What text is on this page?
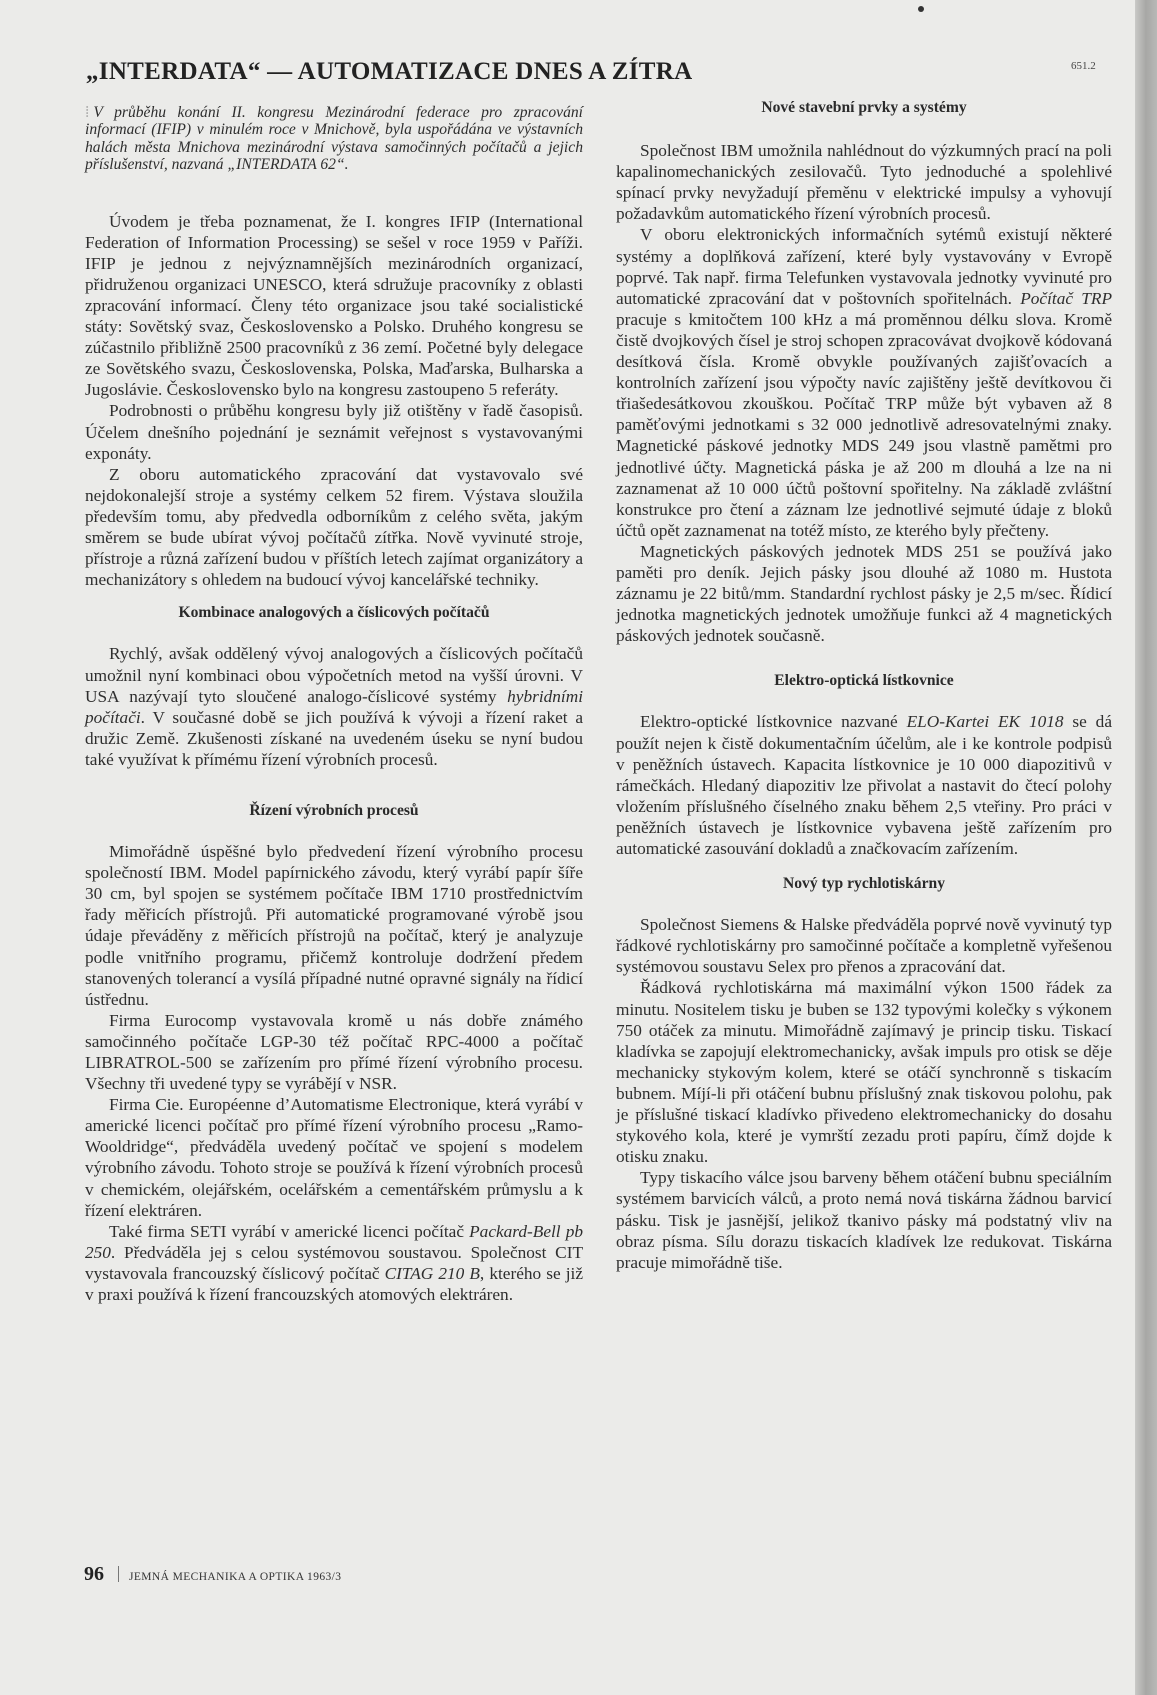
„INTERDATA“ — AUTOMATIZACE DNES A ZÍTRA	651.2
⁞ V průběhu konání II. kongresu Mezinárodní federace pro zpracování informací (IFIP) v minulém roce v Mnichově, byla uspořádána ve výstavních halách města Mnichova mezinárodní výstava samočinných počítačů a jejich příslušenství, nazvaná „INTERDATA 62“.

Úvodem je třeba poznamenat, že I. kongres IFIP (International Federation of Information Processing) se sešel v roce 1959 v Paříži. IFIP je jednou z nejvýznamnějších mezinárodních organizací, přidruženou organizaci UNESCO, která sdružuje pracovníky z oblasti zpracování informací. Členy této organizace jsou také socialistické státy: Sovětský svaz, Československo a Polsko. Druhého kongresu se zúčastnilo přibližně 2500 pracovníků z 36 zemí. Početné byly delegace ze Sovětského svazu, Československa, Polska, Maďarska, Bulharska a Jugoslávie. Československo bylo na kongresu zastoupeno 5 referáty.

Podrobnosti o průběhu kongresu byly již otištěny v řadě časopisů. Účelem dnešního pojednání je seznámit veřejnost s vystavovanými exponáty.

Z oboru automatického zpracování dat vystavovalo své nejdokonalejší stroje a systémy celkem 52 firem. Výstava sloužila především tomu, aby předvedla odborníkům z celého světa, jakým směrem se bude ubírat vývoj počítačů zítřka. Nově vyvinuté stroje, přístroje a různá zařízení budou v příštích letech zajímat organizátory a mechanizátory s ohledem na budoucí vývoj kancelářské techniky.

Kombinace analogových a číslicových počítačů

Rychlý, avšak oddělený vývoj analogových a číslicových počítačů umožnil nyní kombinaci obou výpočetních metod na vyšší úrovni. V USA nazývají tyto sloučené analogo-číslicové systémy hybridními počítači. V současné době se jich používá k vývoji a řízení raket a družic Země. Zkušenosti získané na uvedeném úseku se nyní budou také využívat k přímému řízení výrobních procesů.

Řízení výrobních procesů

Mimořádně úspěšné bylo předvedení řízení výrobního procesu společností IBM. Model papírnického závodu, který vyrábí papír šíře 30 cm, byl spojen se systémem počítače IBM 1710 prostřednictvím řady měřicích přístrojů. Při automatické programované výrobě jsou údaje převáděny z měřicích přístrojů na počítač, který je analyzuje podle vnitřního programu, přičemž kontroluje dodržení předem stanovených tolerancí a vysílá případné nutné opravné signály na řídicí ústřednu.

Firma Eurocomp vystavovala kromě u nás dobře známého samočinného počítače LGP-30 též počítač RPC-4000 a počítač LIBRATROL-500 se zařízením pro přímé řízení výrobního procesu. Všechny tři uvedené typy se vyrábějí v NSR.

Firma Cie. Européenne d’Automatisme Electronique, která vyrábí v americké licenci počítač pro přímé řízení výrobního procesu „Ramo-Wooldridge“, předváděla uvedený počítač ve spojení s modelem výrobního závodu. Tohoto stroje se používá k řízení výrobních procesů v chemickém, olejářském, ocelářském a cementářském průmyslu a k řízení elektráren.

Také firma SETI vyrábí v americké licenci počítač Packard-Bell pb 250. Předváděla jej s celou systémovou soustavou. Společnost CIT vystavovala francouzský číslicový počítač CITAG 210 B, kterého se již v praxi používá k řízení francouzských atomových elektráren.

Nové stavební prvky a systémy

Společnost IBM umožnila nahlédnout do výzkumných prací na poli kapalinomechanických zesilovačů. Tyto jednoduché a spolehlivé spínací prvky nevyžadují přeměnu v elektrické impulsy a vyhovují požadavkům automatického řízení výrobních procesů.

V oboru elektronických informačních sytémů existují některé systémy a doplňková zařízení, které byly vystavovány v Evropě poprvé. Tak např. firma Telefunken vystavovala jednotky vyvinuté pro automatické zpracování dat v poštovních spořitelnách. Počítač TRP pracuje s kmitočtem 100 kHz a má proměnnou délku slova. Kromě čistě dvojkových čísel je stroj schopen zpracovávat dvojkově kódovaná desítková čísla. Kromě obvykle používaných zajišťovacích a kontrolních zařízení jsou výpočty navíc zajištěny ještě devítkovou či třiašedesátkovou zkouškou. Počítač TRP může být vybaven až 8 paměťovými jednotkami s 32 000 jednotlivě adresovatelnými znaky. Magnetické páskové jednotky MDS 249 jsou vlastně pamětmi pro jednotlivé účty. Magnetická páska je až 200 m dlouhá a lze na ni zaznamenat až 10 000 účtů poštovní spořitelny. Na základě zvláštní konstrukce pro čtení a záznam lze jednotlivé sejmuté údaje z bloků účtů opět zaznamenat na totéž místo, ze kterého byly přečteny.

Magnetických páskových jednotek MDS 251 se používá jako paměti pro deník. Jejich pásky jsou dlouhé až 1080 m. Hustota záznamu je 22 bitů/mm. Standardní rychlost pásky je 2,5 m/sec. Řídicí jednotka magnetických jednotek umožňuje funkci až 4 magnetických páskových jednotek současně.

Elektro-optická lístkovnice

Elektro-optické lístkovnice nazvané ELO-Kartei EK 1018 se dá použít nejen k čistě dokumentačním účelům, ale i ke kontrole podpisů v peněžních ústavech. Kapacita lístkovnice je 10 000 diapozitivů v rámečkách. Hledaný diapozitiv lze přivolat a nastavit do čtecí polohy vložením příslušného číselného znaku během 2,5 vteřiny. Pro práci v peněžních ústavech je lístkovnice vybavena ještě zařízením pro automatické zasouvání dokladů a značkovacím zařízením.

Nový typ rychlotiskárny

Společnost Siemens & Halske předváděla poprvé nově vyvinutý typ řádkové rychlotiskárny pro samočinné počítače a kompletně vyřešenou systémovou soustavu Selex pro přenos a zpracování dat.

Řádková rychlotiskárna má maximální výkon 1500 řádek za minutu. Nositelem tisku je buben se 132 typovými kolečky s výkonem 750 otáček za minutu. Mimořádně zajímavý je princip tisku. Tiskací kladívka se zapojují elektromechanicky, avšak impuls pro otisk se děje mechanicky stykovým kolem, které se otáčí synchronně s tiskacím bubnem. Míjí-li při otáčení bubnu příslušný znak tiskovou polohu, pak je příslušné tiskací kladívko přivedeno elektromechanicky do dosahu stykového kola, které je vymrští zezadu proti papíru, čímž dojde k otisku znaku.

Typy tiskacího válce jsou barveny během otáčení bubnu speciálním systémem barvicích válců, a proto nemá nová tiskárna žádnou barvicí pásku. Tisk je jasnější, jelikož tkanivo pásky má podstatný vliv na obraz písma. Sílu dorazu tiskacích kladívek lze redukovat. Tiskárna pracuje mimořádně tiše.

96 JEMNÁ MECHANIKA A OPTIKA 1963/3
